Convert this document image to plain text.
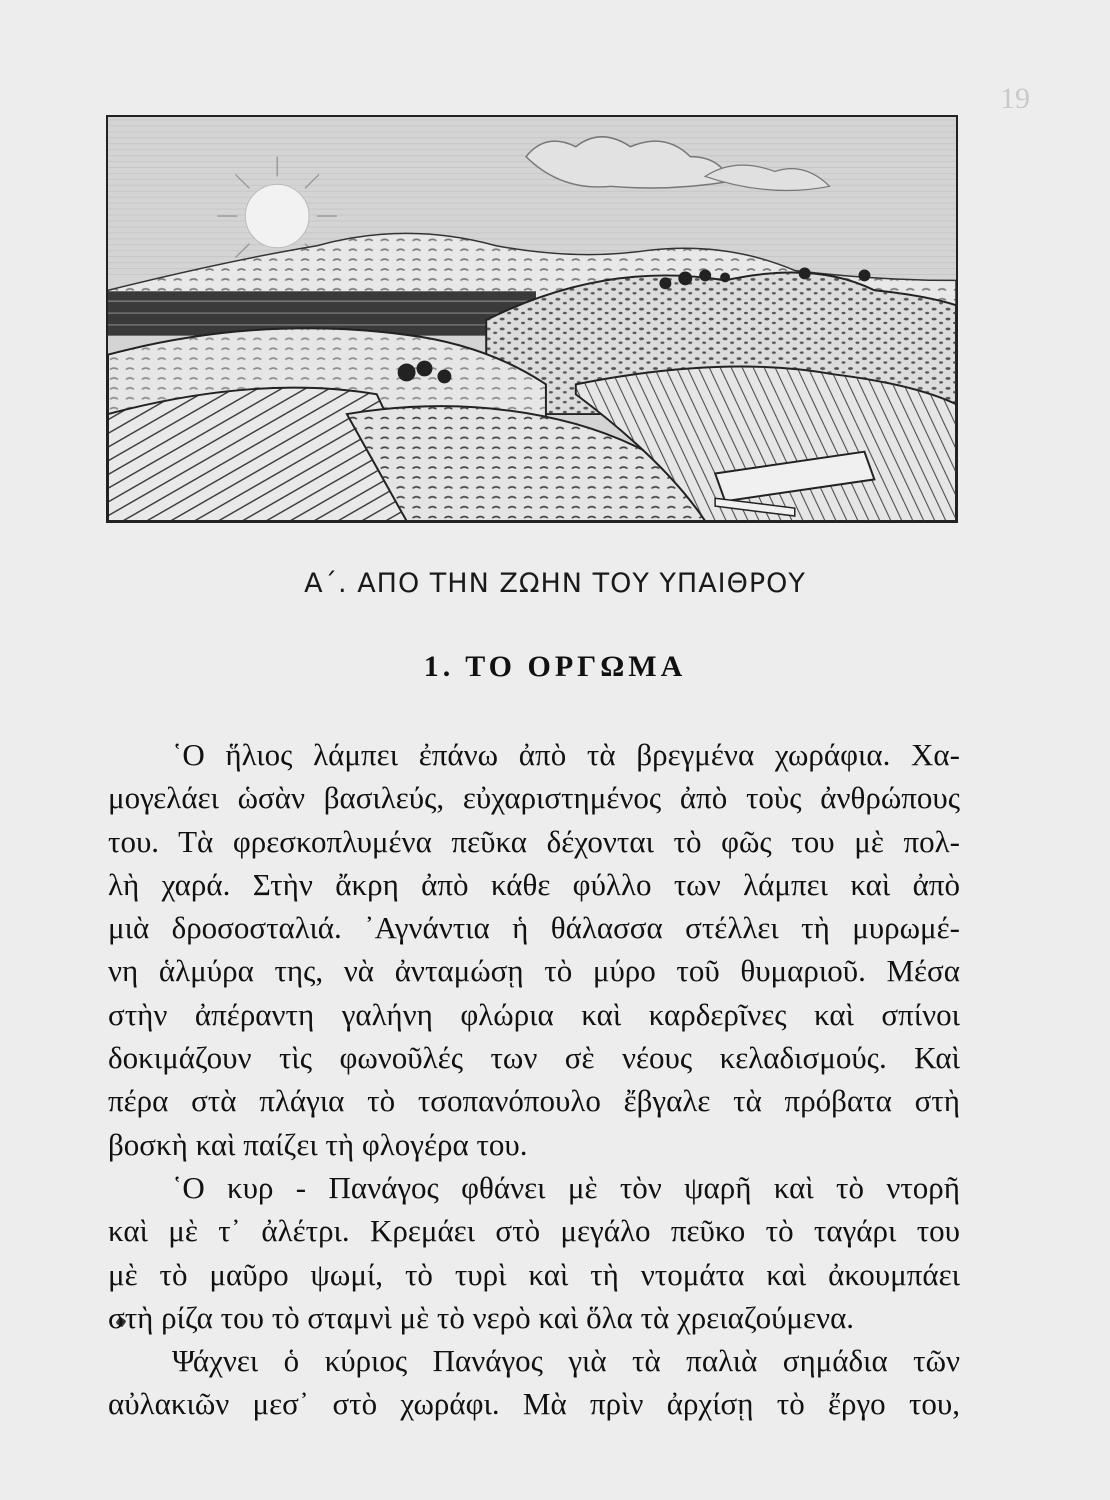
19
Α΄. ΑΠΟ ΤΗΝ ΖΩΗΝ ΤΟΥ ΥΠΑΙΘΡΟΥ
1. ΤΟ ΟΡΓΩΜΑ
῾Ο ἥλιος λάμπει ἐπάνω ἀπὸ τὰ βρεγμένα χωράφια. Χα-
μογελάει ὡσὰν βασιλεύς, εὐχαριστημένος ἀπὸ τοὺς ἀνθρώπους
του. Τὰ φρεσκοπλυμένα πεῦκα δέχονται τὸ φῶς του μὲ πολ-
λὴ χαρά. Στὴν ἄκρη ἀπὸ κάθε φύλλο των λάμπει καὶ ἀπὸ
μιὰ δροσοσταλιά. ᾿Αγνάντια ἡ θάλασσα στέλλει τὴ μυρωμέ-
νη ἁλμύρα της, νὰ ἀνταμώσῃ τὸ μύρο τοῦ θυμαριοῦ. Μέσα
στὴν ἀπέραντη γαλήνη φλώρια καὶ καρδερῖνες καὶ σπίνοι
δοκιμάζουν τὶς φωνοῦλές των σὲ νέους κελαδισμούς. Καὶ
πέρα στὰ πλάγια τὸ τσοπανόπουλο ἔβγαλε τὰ πρόβατα στὴ
βοσκὴ καὶ παίζει τὴ φλογέρα του.
῾Ο κυρ - Πανάγος φθάνει μὲ τὸν ψαρῆ καὶ τὸ ντορῆ
καὶ μὲ τ᾿ ἀλέτρι. Κρεμάει στὸ μεγάλο πεῦκο τὸ ταγάρι του
μὲ τὸ μαῦρο ψωμί, τὸ τυρὶ καὶ τὴ ντομάτα καὶ ἀκουμπάει
στὴ ρίζα του τὸ σταμνὶ μὲ τὸ νερὸ καὶ ὅλα τὰ χρειαζούμενα.
Ψάχνει ὁ κύριος Πανάγος γιὰ τὰ παλιὰ σημάδια τῶν
αὐλακιῶν μεσ᾿ στὸ χωράφι. Μὰ πρὶν ἀρχίσῃ τὸ ἔργο του,
